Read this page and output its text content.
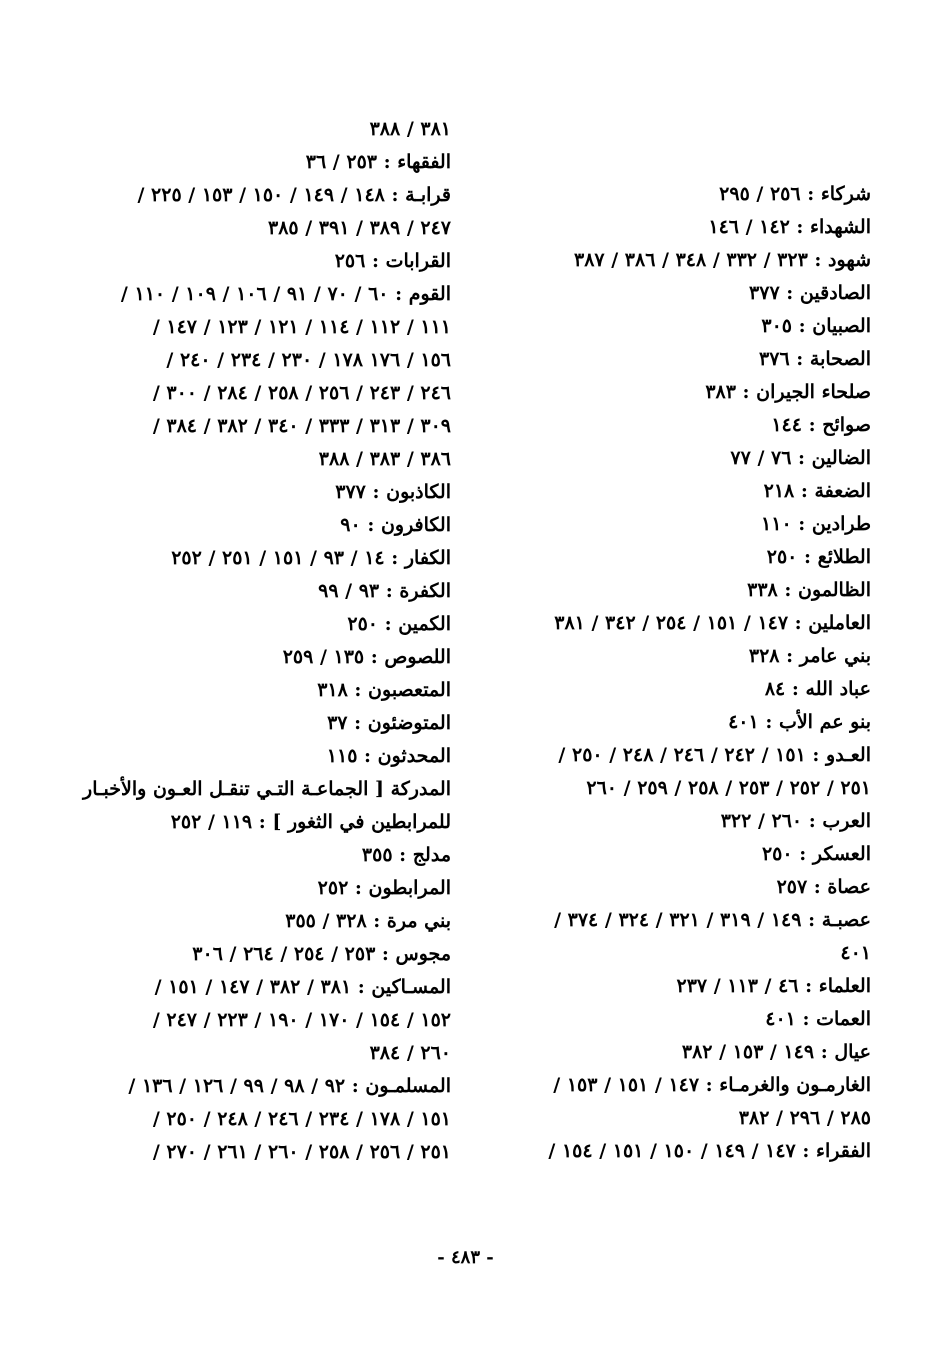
٣٨١ / ٣٨٨
الفقهاء : ٢٥٣ / ٣٦
قرابـة : ١٤٨ / ١٤٩ / ١٥٠ / ١٥٣ / ٢٢٥ /
٢٤٧ / ٣٨٩ / ٣٩١ / ٣٨٥
القرابات : ٢٥٦
القوم : ٦٠ / ٧٠ / ٩١ / ١٠٦ / ١٠٩ / ١١٠ /
١١١ / ١١٢ / ١١٤ / ١٢١ / ١٢٣ / ١٤٧ /
١٥٦ / ١٧٦ ١٧٨ / ٢٣٠ / ٢٣٤ / ٢٤٠ /
٢٤٦ / ٢٤٣ / ٢٥٦ / ٢٥٨ / ٢٨٤ / ٣٠٠ /
٣٠٩ / ٣١٣ / ٣٣٣ / ٣٤٠ / ٣٨٢ / ٣٨٤ /
٣٨٦ / ٣٨٣ / ٣٨٨
الكاذبون : ٣٧٧
الكافرون : ٩٠
الكفار : ١٤ / ٩٣ / ١٥١ / ٢٥١ / ٢٥٢
الكفرة : ٩٣ / ٩٩
الكمين : ٢٥٠
اللصوص : ١٣٥ / ٢٥٩
المتعصبون : ٣١٨
المتوضئون : ٣٧
المحدثون : ١١٥
المدركة [ الجماعـة التـي تنقـل العـون والأخبـار
للمرابطين في الثغور ] : ١١٩ / ٢٥٢
مدلج : ٣٥٥
المرابطون : ٢٥٢
بني مرة : ٣٢٨ / ٣٥٥
مجوس : ٢٥٣ / ٢٥٤ / ٢٦٤ / ٣٠٦
المسـاكين : ٣٨١ / ٣٨٢ / ١٤٧ / ١٥١ /
١٥٢ / ١٥٤ / ١٧٠ / ١٩٠ / ٢٢٣ / ٢٤٧ /
٢٦٠ / ٣٨٤
المسلمـون : ٩٢ / ٩٨ / ٩٩ / ١٢٦ / ١٣٦ /
١٥١ / ١٧٨ / ٢٣٤ / ٢٤٦ / ٢٤٨ / ٢٥٠ /
٢٥١ / ٢٥٦ / ٢٥٨ / ٢٦٠ / ٢٦١ / ٢٧٠ /
شركاء : ٢٥٦ / ٢٩٥
الشهداء : ١٤٢ / ١٤٦
شهود : ٣٢٣ / ٣٣٢ / ٣٤٨ / ٣٨٦ / ٣٨٧
الصادقين : ٣٧٧
الصبيان : ٣٠٥
الصحابة : ٣٧٦
صلحاء الجيران : ٣٨٣
صوائح : ١٤٤
الضالين : ٧٦ / ٧٧
الضعفة : ٢١٨
طرادين : ١١٠
الطلائع : ٢٥٠
الظالمون : ٣٣٨
العاملين : ١٤٧ / ١٥١ / ٢٥٤ / ٣٤٢ / ٣٨١
بني عامر : ٣٢٨
عباد الله : ٨٤
بنو عم الأب : ٤٠١
العـدو : ١٥١ / ٢٤٢ / ٢٤٦ / ٢٤٨ / ٢٥٠ /
٢٥١ / ٢٥٢ / ٢٥٣ / ٢٥٨ / ٢٥٩ / ٢٦٠
العرب : ٢٦٠ / ٣٢٢
العسكر : ٢٥٠
عصاة : ٢٥٧
عصبـة : ١٤٩ / ٣١٩ / ٣٢١ / ٣٢٤ / ٣٧٤ /
٤٠١
العلماء : ٤٦ / ١١٣ / ٢٣٧
العمات : ٤٠١
عيال : ١٤٩ / ١٥٣ / ٣٨٢
الغارمـون والغرمـاء : ١٤٧ / ١٥١ / ١٥٣ /
٢٨٥ / ٢٩٦ / ٣٨٢
الفقراء : ١٤٧ / ١٤٩ / ١٥٠ / ١٥١ / ١٥٤ /
- ٤٨٣ -
